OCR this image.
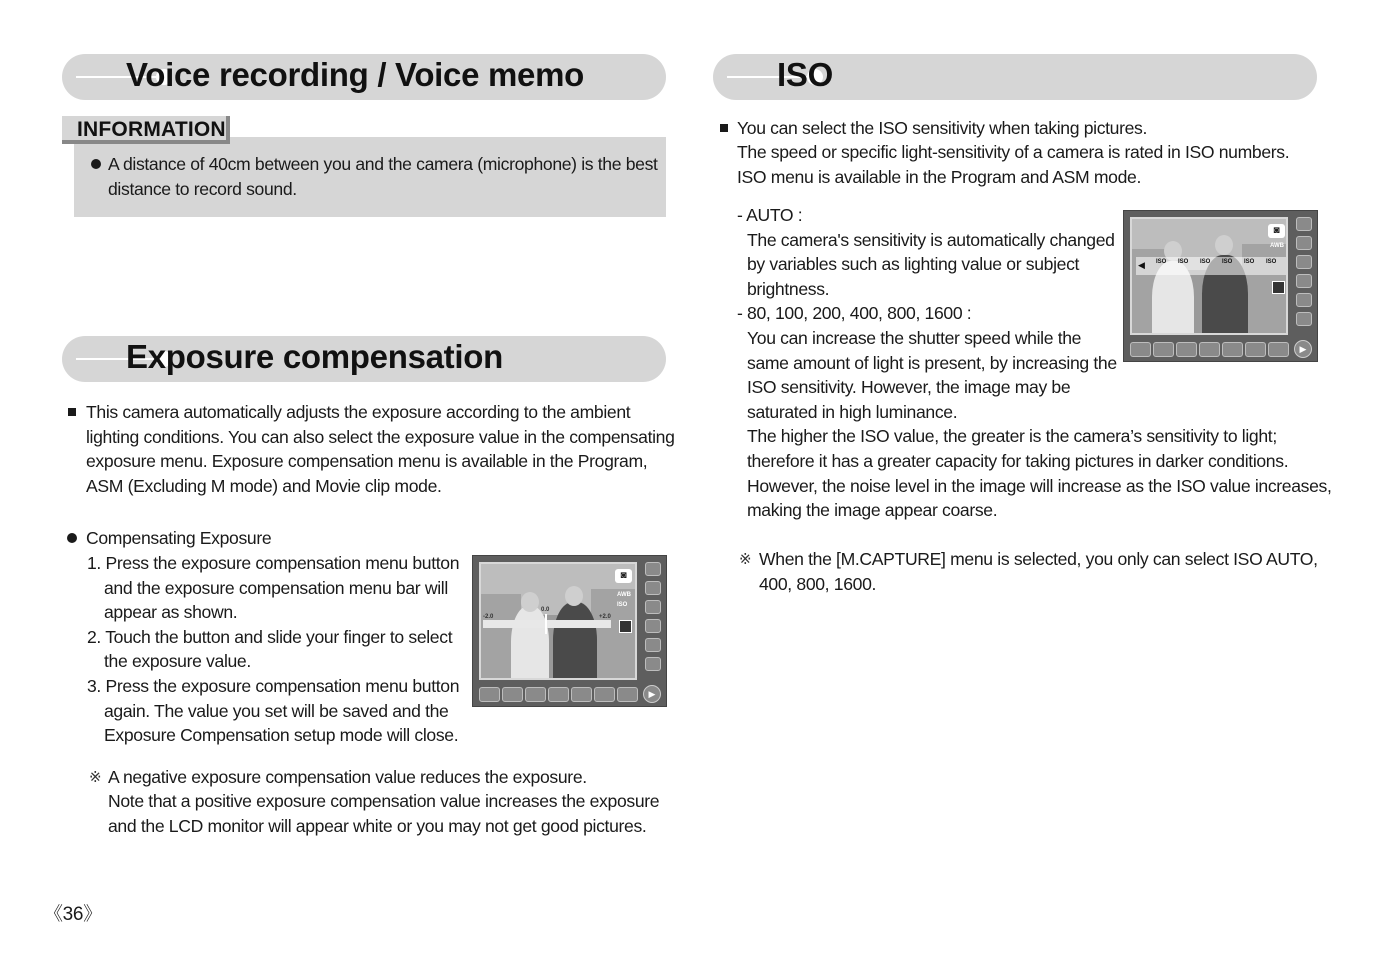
Voice recording / Voice memo
INFORMATION
A distance of 40cm between you and the camera (microphone) is the best
distance to record sound.
Exposure compensation
This camera automatically adjusts the exposure according to the ambient
lighting conditions. You can also select the exposure value in the compensating
exposure menu. Exposure compensation menu is available in the Program,
ASM (Excluding M mode) and Movie clip mode.
Compensating Exposure
1. Press the exposure compensation menu button
and the exposure compensation menu bar will
appear as shown.
2. Touch the button and slide your finger to select
the exposure value.
3. Press the exposure compensation menu button
again. The value you set will be saved and the
Exposure Compensation setup mode will close.
◙
AWB
ISO
-2.0
0.0
+2.0
▶
※ A negative exposure compensation value reduces the exposure.
Note that a positive exposure compensation value increases the exposure
and the LCD monitor will appear white or you may not get good pictures.
《36》
ISO
You can select the ISO sensitivity when taking pictures.
The speed or specific light-sensitivity of a camera is rated in ISO numbers.
ISO menu is available in the Program and ASM mode.
- AUTO :
The camera's sensitivity is automatically changed
by variables such as lighting value or subject
brightness.
- 80, 100, 200, 400, 800, 1600 :
You can increase the shutter speed while the
same amount of light is present, by increasing the
ISO sensitivity. However, the image may be
saturated in high luminance.
The higher the ISO value, the greater is the camera’s sensitivity to light;
therefore it has a greater capacity for taking pictures in darker conditions.
However, the noise level in the image will increase as the ISO value increases,
making the image appear coarse.
◙
AWB
◀ ISO ISO ISO ISO ISO ISO
▶
※ When the [M.CAPTURE] menu is selected, you only can select ISO AUTO,
400, 800, 1600.
